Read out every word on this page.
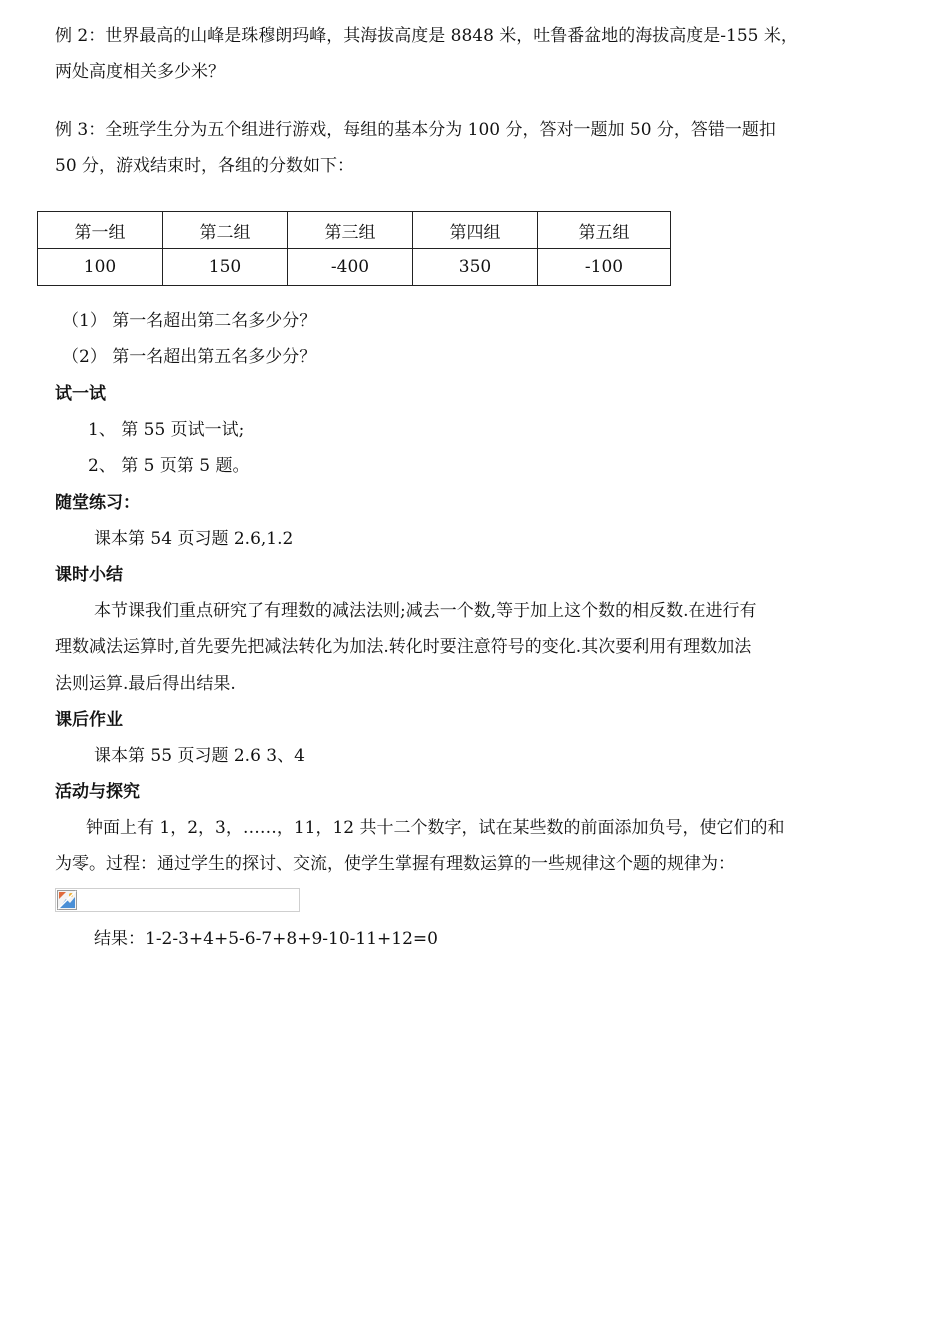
例 2：世界最高的山峰是珠穆朗玛峰，其海拔高度是 8848 米，吐鲁番盆地的海拔高度是-155 米，
两处高度相关多少米？
例 3：全班学生分为五个组进行游戏，每组的基本分为 100 分，答对一题加 50 分，答错一题扣
50 分，游戏结束时，各组的分数如下：
第一组	第二组	第三组	第四组	第五组
100	150	-400	350	-100
（1） 第一名超出第二名多少分？
（2） 第一名超出第五名多少分？
试一试
1、 第 55 页试一试;
2、 第 5 页第 5 题。
随堂练习：
课本第 54 页习题 2.6,1.2
课时小结
本节课我们重点研究了有理数的减法法则;减去一个数,等于加上这个数的相反数.在进行有
理数减法运算时,首先要先把减法转化为加法.转化时要注意符号的变化.其次要利用有理数加法
法则运算.最后得出结果.
课后作业
课本第 55 页习题 2.6 3、4
活动与探究
钟面上有 1，2，3，……，11，12 共十二个数字，试在某些数的前面添加负号，使它们的和
为零。过程：通过学生的探讨、交流，使学生掌握有理数运算的一些规律这个题的规律为：
结果：1-2-3+4+5-6-7+8+9-10-11+12=0
